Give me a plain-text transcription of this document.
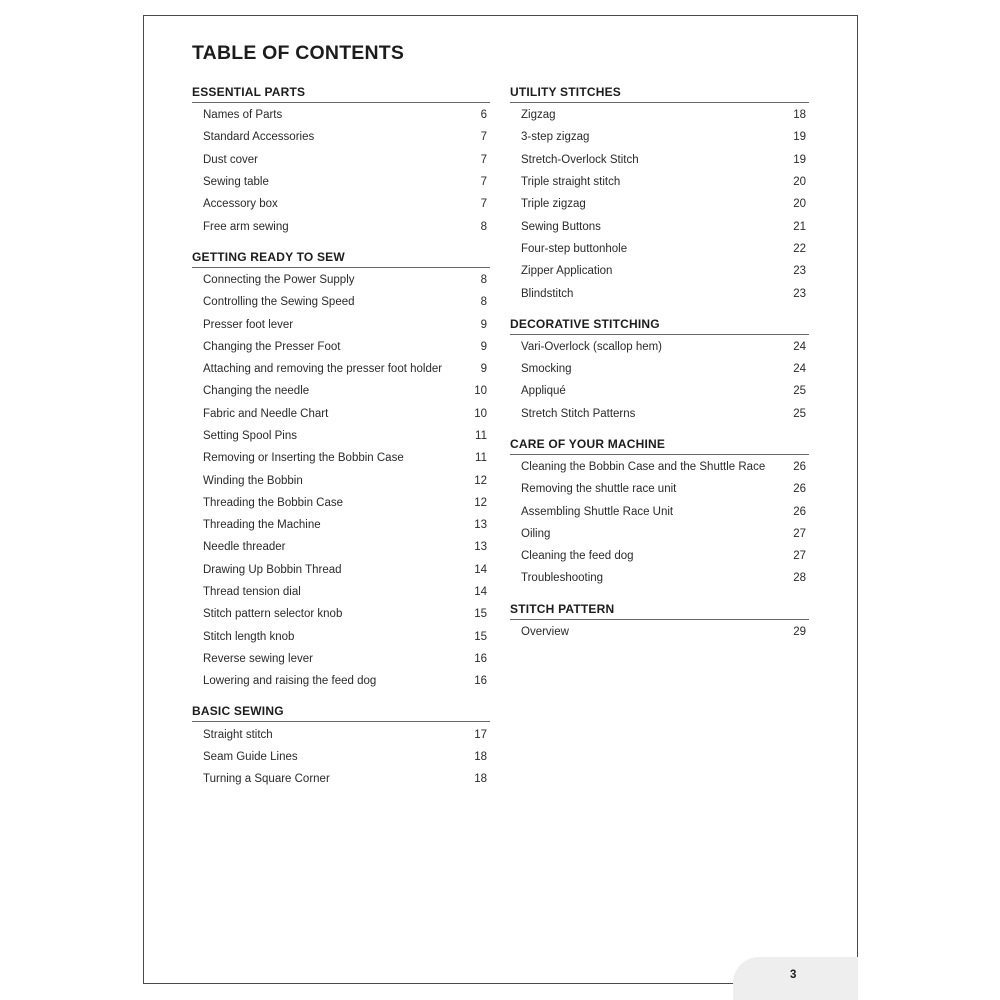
TABLE OF CONTENTS
ESSENTIAL PARTS
Names of Parts	6
Standard Accessories	7
Dust cover	7
Sewing table	7
Accessory box	7
Free arm sewing	8
GETTING READY TO SEW
Connecting the Power Supply	8
Controlling the Sewing Speed	8
Presser foot lever	9
Changing the Presser Foot	9
Attaching and removing the presser foot holder	9
Changing the needle	10
Fabric and Needle Chart	10
Setting Spool Pins	11
Removing or Inserting the Bobbin Case	11
Winding the Bobbin	12
Threading the Bobbin Case	12
Threading the Machine	13
Needle threader	13
Drawing Up Bobbin Thread	14
Thread tension dial	14
Stitch pattern selector knob	15
Stitch length knob	15
Reverse sewing lever	16
Lowering and raising the feed dog	16
BASIC SEWING
Straight stitch	17
Seam Guide Lines	18
Turning a Square Corner	18
UTILITY STITCHES
Zigzag	18
3-step zigzag	19
Stretch-Overlock Stitch	19
Triple straight stitch	20
Triple zigzag	20
Sewing Buttons	21
Four-step buttonhole	22
Zipper Application	23
Blindstitch	23
DECORATIVE STITCHING
Vari-Overlock (scallop hem)	24
Smocking	24
Appliqué	25
Stretch Stitch Patterns	25
CARE OF YOUR MACHINE
Cleaning the Bobbin Case and the Shuttle Race	26
Removing the shuttle race unit	26
Assembling Shuttle Race Unit	26
Oiling	27
Cleaning the feed dog	27
Troubleshooting	28
STITCH PATTERN
Overview	29
3
